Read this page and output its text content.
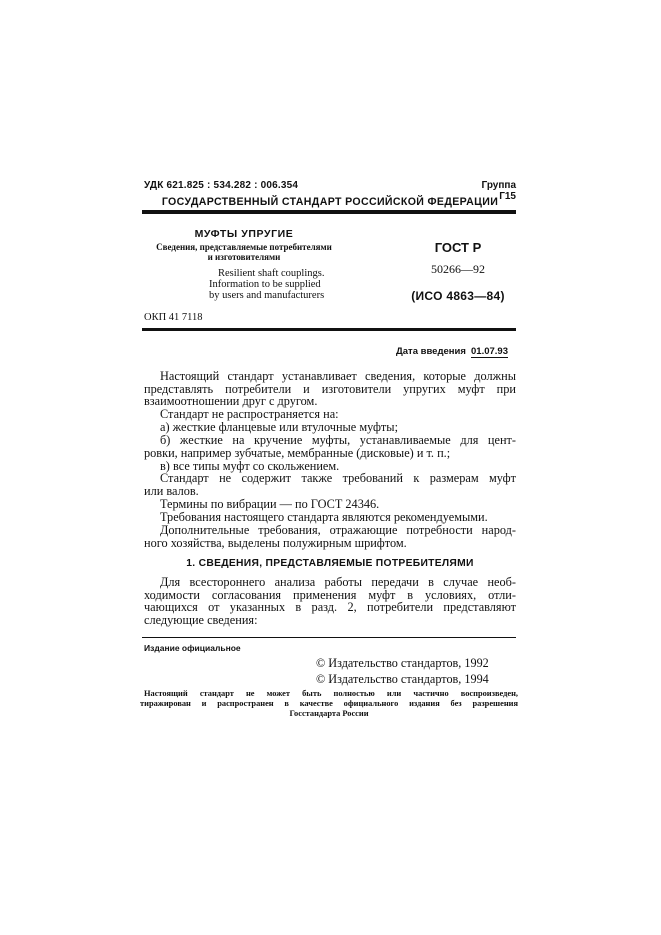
УДК 621.825 : 534.282 : 006.354	Группа Г15
ГОСУДАРСТВЕННЫЙ СТАНДАРТ РОССИЙСКОЙ ФЕДЕРАЦИИ
МУФТЫ УПРУГИЕ
Сведения, представляемые потребителями
и изготовителями
Resilient shaft couplings.
Information to be supplied
by users and manufacturers
ГОСТ Р
50266—92
(ИСО 4863—84)
ОКП 41 7118
Дата введения 01.07.93

Настоящий стандарт устанавливает сведения, которые должны

представлять потребители и изготовители упругих муфт при

взаимоотношении друг с другом.

Стандарт не распространяется на:

а) жесткие фланцевые или втулочные муфты;

б) жесткие на кручение муфты, устанавливаемые для цент-

ровки, например зубчатые, мембранные (дисковые) и т. п.;

в) все типы муфт со скольжением.

Стандарт не содержит также требований к размерам муфт

или валов.

Термины по вибрации — по ГОСТ 24346.

Требования настоящего стандарта являются рекомендуемыми.

Дополнительные требования, отражающие потребности народ-

ного хозяйства, выделены полужирным шрифтом.

1. СВЕДЕНИЯ, ПРЕДСТАВЛЯЕМЫЕ ПОТРЕБИТЕЛЯМИ

Для всестороннего анализа работы передачи в случае необ-

ходимости согласования применения муфт в условиях, отли-

чающихся от указанных в разд. 2, потребители представляют

следующие сведения:

Издание официальное
© Издательство стандартов, 1992
© Издательство стандартов, 1994
Настоящий стандарт не может быть полностью или частично воспроизведен,
тиражирован и распространен в качестве официального издания без разрешения
Госстандарта России
